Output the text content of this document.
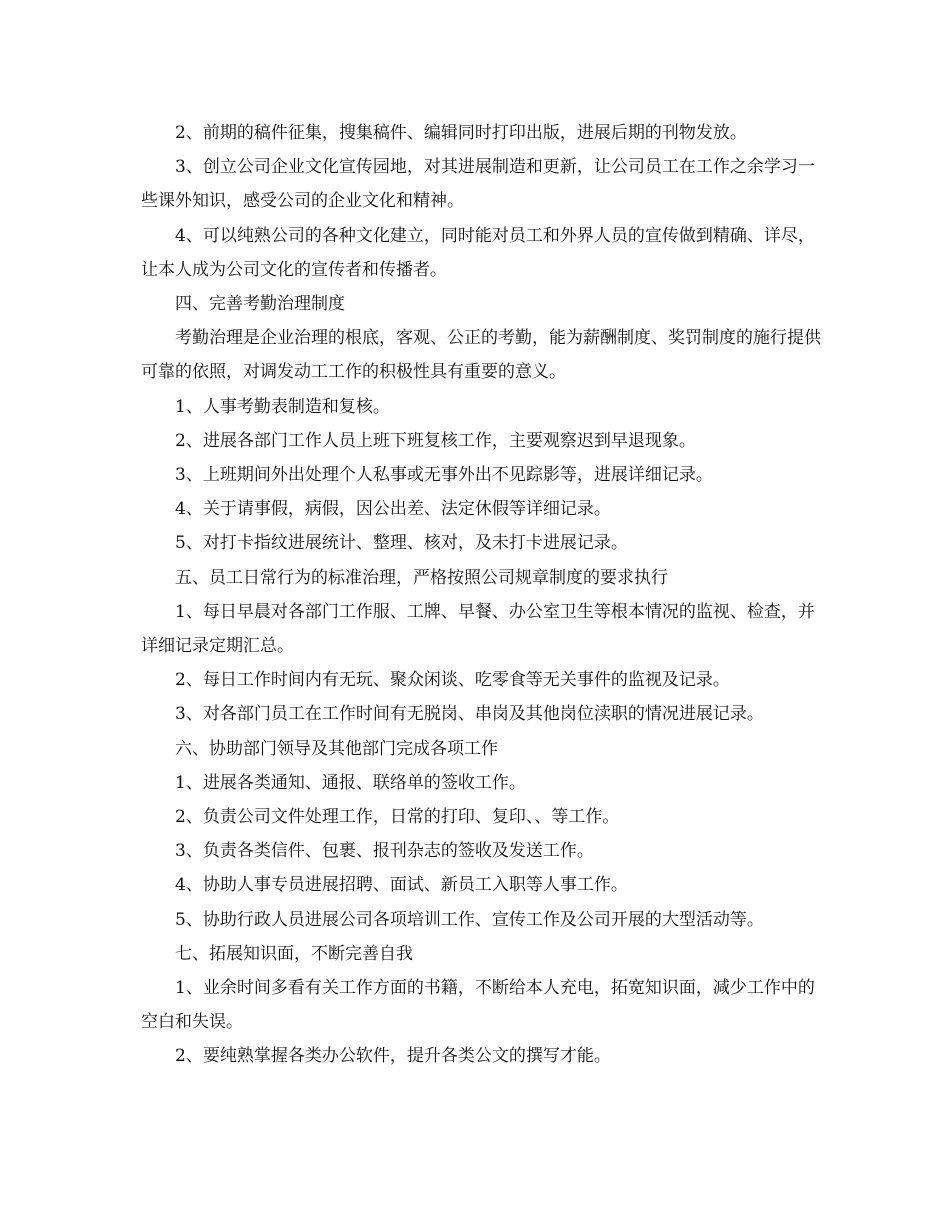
2、前期的稿件征集，搜集稿件、编辑同时打印出版，进展后期的刊物发放。

3、创立公司企业文化宣传园地，对其进展制造和更新，让公司员工在工作之余学习一些课外知识，感受公司的企业文化和精神。

4、可以纯熟公司的各种文化建立，同时能对员工和外界人员的宣传做到精确、详尽，让本人成为公司文化的宣传者和传播者。

四、完善考勤治理制度

考勤治理是企业治理的根底，客观、公正的考勤，能为薪酬制度、奖罚制度的施行提供可靠的依照，对调发动工工作的积极性具有重要的意义。

1、人事考勤表制造和复核。

2、进展各部门工作人员上班下班复核工作，主要观察迟到早退现象。

3、上班期间外出处理个人私事或无事外出不见踪影等，进展详细记录。

4、关于请事假，病假，因公出差、法定休假等详细记录。

5、对打卡指纹进展统计、整理、核对，及未打卡进展记录。

五、员工日常行为的标准治理，严格按照公司规章制度的要求执行

1、每日早晨对各部门工作服、工牌、早餐、办公室卫生等根本情况的监视、检查，并详细记录定期汇总。

2、每日工作时间内有无玩、聚众闲谈、吃零食等无关事件的监视及记录。

3、对各部门员工在工作时间有无脱岗、串岗及其他岗位渎职的情况进展记录。

六、协助部门领导及其他部门完成各项工作

1、进展各类通知、通报、联络单的签收工作。

2、负责公司文件处理工作，日常的打印、复印、、等工作。

3、负责各类信件、包裹、报刊杂志的签收及发送工作。

4、协助人事专员进展招聘、面试、新员工入职等人事工作。

5、协助行政人员进展公司各项培训工作、宣传工作及公司开展的大型活动等。

七、拓展知识面，不断完善自我

1、业余时间多看有关工作方面的书籍，不断给本人充电，拓宽知识面，减少工作中的空白和失误。

2、要纯熟掌握各类办公软件，提升各类公文的撰写才能。
